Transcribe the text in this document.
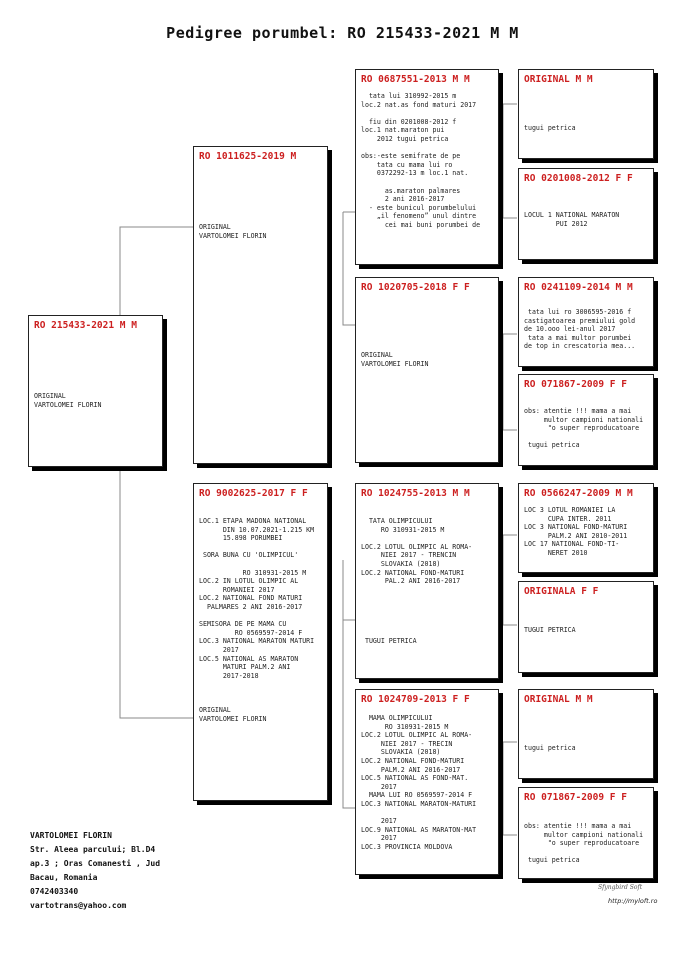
Pedigree porumbel: RO 215433-2021 M M
RO 215433-2021 M M
ORIGINAL
VARTOLOMEI FLORIN
RO 1011625-2019 M
ORIGINAL
VARTOLOMEI FLORIN
RO 9002625-2017 F F
LOC.1 ETAPA MADONA NATIONAL
DIN 10.07.2021-1.215 KM
15.898 PORUMBEI

SORA BUNA CU 'OLIMPICUL'

RO 310931-2015 M
LOC.2 IN LOTUL OLIMPIC AL
ROMANIEI 2017
LOC.2 NATIONAL FOND MATURI
PALMARES 2 ANI 2016-2017

SEMISORA DE PE MAMA CU
RO 0569597-2014 F
LOC.3 NATIONAL MARATON MATURI
2017
LOC.5 NATIONAL AS MARATON
MATURI PALM.2 ANI
2017-2018

ORIGINAL
VARTOLOMEI FLORIN
RO 0687551-2013 M M
tata lui 310992-2015 m
loc.2 nat.as fond maturi 2017

fiu din 0201008-2012 f
loc.1 nat.maraton pui
2012 tugui petrica

obs:-este semifrate de pe
tata cu mama lui ro
0372292-13 m loc.1 nat.

as.maraton palmares
2 ani 2016-2017
- este bunicul porumbelului
„il fenomeno” unul dintre
cei mai buni porumbei de
RO 1020705-2018 F F
ORIGINAL
VARTOLOMEI FLORIN
RO 1024755-2013 M M
TATA OLIMPICULUI
RO 310931-2015 M

LOC.2 LOTUL OLIMPIC AL ROMA-
NIEI 2017 - TRENCIN
SLOVAKIA (2018)
LOC.2 NATIONAL FOND-MATURI
PAL.2 ANI 2016-2017

TUGUI PETRICA
RO 1024709-2013 F F
MAMA OLIMPICULUI
RO 310931-2015 M
LOC.2 LOTUL OLIMPIC AL ROMA-
NIEI 2017 - TRECIN
SLOVAKIA (2018)
LOC.2 NATIONAL FOND-MATURI
PALM.2 ANI 2016-2017
LOC.5 NATIONAL AS FOND-MAT.
2017
MAMA LUI RO 0569597-2014 F
LOC.3 NATIONAL MARATON-MATURI

2017
LOC.9 NATIONAL AS MARATON-MAT
2017
LOC.3 PROVINCIA MOLDOVA
ORIGINAL M M
tugui petrica
RO 0201008-2012 F F
LOCUL 1 NATIONAL MARATON
PUI 2012
RO 0241109-2014 M M
tata lui ro 3006595-2016 f
castigatoarea premiului gold
de 10.ooo lei-anul 2017
tata a mai multor porumbei
de top in crescatoria mea...
RO 071867-2009 F F
obs: atentie !!! mama a mai
multor campioni nationali
"o super reproducatoare

tugui petrica
RO 0566247-2009 M M
LOC 3 LOTUL ROMANIEI LA
CUPA INTER. 2011
LOC 3 NATIONAL FOND-MATURI
PALM.2 ANI 2010-2011
LOC 17 NATIONAL FOND-TI-
NERET 2010
ORIGINALA F F
TUGUI PETRICA
ORIGINAL M M
tugui petrica
RO 071867-2009 F F
obs: atentie !!! mama a mai
multor campioni nationali
"o super reproducatoare

tugui petrica
VARTOLOMEI FLORIN
Str. Aleea parcului; Bl.D4
ap.3 ; Oras Comanesti , Jud
Bacau, Romania
0742403340
vartotrans@yahoo.com
Sfyngbird Soft
http://myloft.ro
